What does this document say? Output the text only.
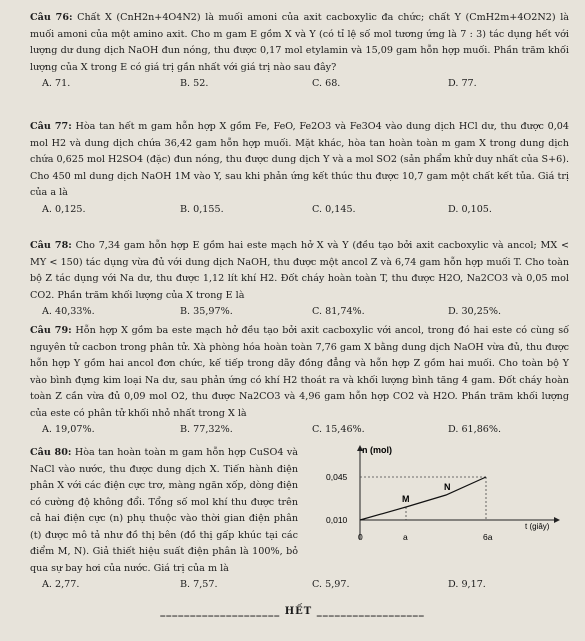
Câu 76: Chất X (CnH2n+4O4N2) là muối amoni của axit cacboxylic đa chức; chất Y (CmH2m+4O2N2) là muối amoni của một amino axit. Cho m gam E gồm X và Y (có tỉ lệ số mol tương ứng là 7 : 3) tác dụng hết với lượng dư dung dịch NaOH đun nóng, thu được 0,17 mol etylamin và 15,09 gam hỗn hợp muối. Phần trăm khối lượng của X trong E có giá trị gần nhất với giá trị nào sau đây?

A. 71.	B. 52.	C. 68.	D. 77.

Câu 77: Hòa tan hết m gam hỗn hợp X gồm Fe, FeO, Fe2O3 và Fe3O4 vào dung dịch HCl dư, thu được 0,04 mol H2 và dung dịch chứa 36,42 gam hỗn hợp muối. Mặt khác, hòa tan hoàn toàn m gam X trong dung dịch chứa 0,625 mol H2SO4 (đặc) đun nóng, thu được dung dịch Y và a mol SO2 (sản phẩm khử duy nhất của S+6). Cho 450 ml dung dịch NaOH 1M vào Y, sau khi phản ứng kết thúc thu được 10,7 gam một chất kết tủa. Giá trị của a là

A. 0,125.	B. 0,155.	C. 0,145.	D. 0,105.

Câu 78: Cho 7,34 gam hỗn hợp E gồm hai este mạch hở X và Y (đều tạo bởi axit cacboxylic và ancol; MX < MY < 150) tác dụng vừa đủ với dung dịch NaOH, thu được một ancol Z và 6,74 gam hỗn hợp muối T. Cho toàn bộ Z tác dụng với Na dư, thu được 1,12 lít khí H2. Đốt cháy hoàn toàn T, thu được H2O, Na2CO3 và 0,05 mol CO2. Phần trăm khối lượng của X trong E là

A. 40,33%.	B. 35,97%.	C. 81,74%.	D. 30,25%.

Câu 79: Hỗn hợp X gồm ba este mạch hở đều tạo bởi axit cacboxylic với ancol, trong đó hai este có cùng số nguyên tử cacbon trong phân tử. Xà phòng hóa hoàn toàn 7,76 gam X bằng dung dịch NaOH vừa đủ, thu được hỗn hợp Y gồm hai ancol đơn chức, kế tiếp trong dãy đồng đẳng và hỗn hợp Z gồm hai muối. Cho toàn bộ Y vào bình đựng kim loại Na dư, sau phản ứng có khí H2 thoát ra và khối lượng bình tăng 4 gam. Đốt cháy hoàn toàn Z cần vừa đủ 0,09 mol O2, thu được Na2CO3 và 4,96 gam hỗn hợp CO2 và H2O. Phần trăm khối lượng của este có phân tử khối nhỏ nhất trong X là

A. 19,07%.	B. 77,32%.	C. 15,46%.	D. 61,86%.

Câu 80: Hòa tan hoàn toàn m gam hỗn hợp CuSO4 và NaCl vào nước, thu được dung dịch X. Tiến hành điện phân X với các điện cực trơ, màng ngăn xốp, dòng điện có cường độ không đổi. Tổng số mol khí thu được trên cả hai điện cực (n) phụ thuộc vào thời gian điện phân (t) được mô tả như đồ thị bên (đồ thị gấp khúc tại các điểm M, N). Giả thiết hiệu suất điện phân là 100%, bỏ qua sự bay hơi của nước. Giá trị của m là

A. 2,77.	B. 7,57.	C. 5,97.	D. 9,17.
n (mol)
t (giây)
0,045
0,010
0	a	6a
M
N
____________________ HẾT __________________
